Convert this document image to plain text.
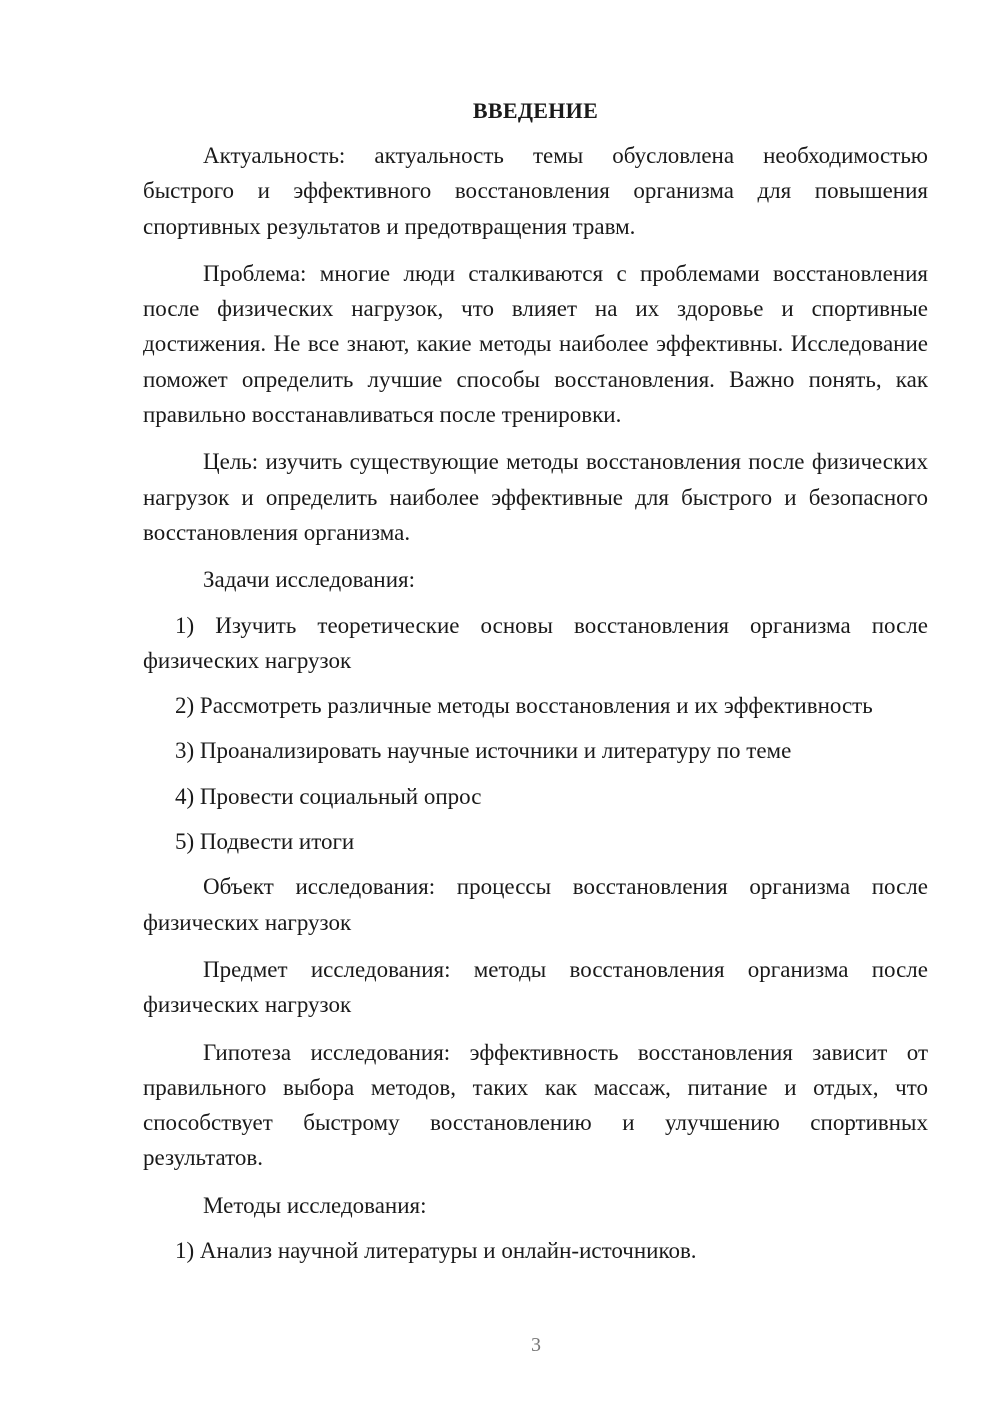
ВВЕДЕНИЕ

Актуальность: актуальность темы обусловлена необходимостью быстрого и эффективного восстановления организма для повышения спортивных результатов и предотвращения травм.

Проблема: многие люди сталкиваются с проблемами восстановления после физических нагрузок, что влияет на их здоровье и спортивные достижения. Не все знают, какие методы наиболее эффективны. Исследование поможет определить лучшие способы восстановления. Важно понять, как правильно восстанавливаться после тренировки.

Цель: изучить существующие методы восстановления после физических нагрузок и определить наиболее эффективные для быстрого и безопасного восстановления организма.

Задачи исследования:

1) Изучить теоретические основы восстановления организма после физических нагрузок

2) Рассмотреть различные методы восстановления и их эффективность

3) Проанализировать научные источники и литературу по теме

4) Провести социальный опрос

5) Подвести итоги

Объект исследования: процессы восстановления организма после физических нагрузок

Предмет исследования: методы восстановления организма после физических нагрузок

Гипотеза исследования: эффективность восстановления зависит от правильного выбора методов, таких как массаж, питание и отдых, что способствует быстрому восстановлению и улучшению спортивных результатов.

Методы исследования:

1) Анализ научной литературы и онлайн-источников.

3
